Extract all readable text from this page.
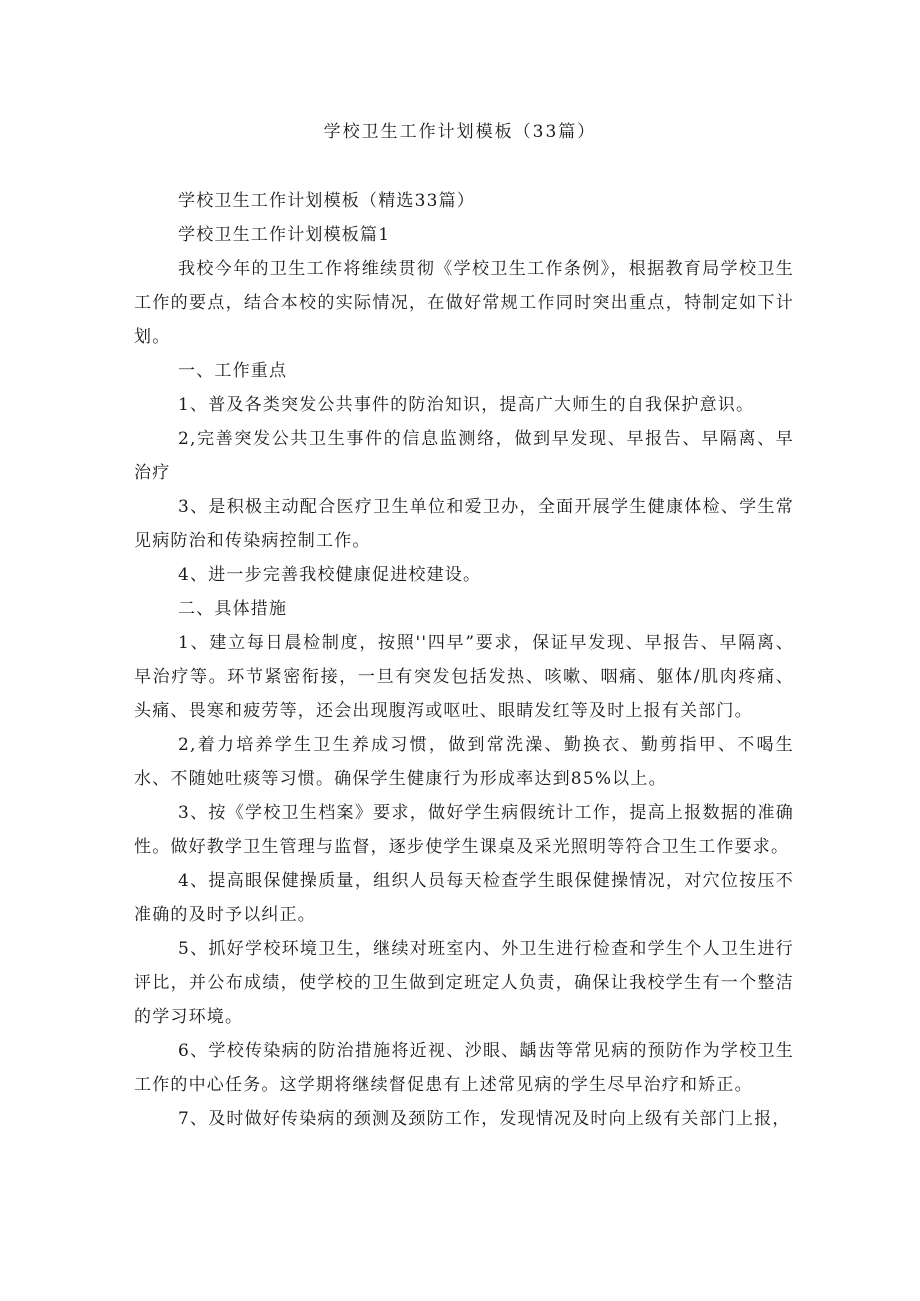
学校卫生工作计划模板（33篇）

学校卫生工作计划模板（精选33篇）

学校卫生工作计划模板篇1

我校今年的卫生工作将维续贯彻《学校卫生工作条例》，根据教育局学校卫生工作的要点，结合本校的实际情况，在做好常规工作同时突出重点，特制定如下计划。

一、工作重点

1、普及各类突发公共事件的防治知识，提高广大师生的自我保护意识。

2,完善突发公共卫生事件的信息监测络，做到早发现、早报告、早隔离、早治疗

3、是积极主动配合医疗卫生单位和爱卫办，全面开展学生健康体检、学生常见病防治和传染病控制工作。

4、进一步完善我校健康促进校建设。

二、具体措施

1、建立每日晨检制度，按照''四早”要求，保证早发现、早报告、早隔离、早治疗等。环节紧密衔接，一旦有突发包括发热、咳嗽、咽痛、躯体/肌肉疼痛、头痛、畏寒和疲劳等，还会出现腹泻或呕吐、眼睛发红等及时上报有关部门。

2,着力培养学生卫生养成习惯，做到常洗澡、勤换衣、勤剪指甲、不喝生水、不随她吐痰等习惯。确保学生健康行为形成率达到85%以上。

3、按《学校卫生档案》要求，做好学生病假统计工作，提高上报数据的准确性。做好教学卫生管理与监督，逐步使学生课桌及采光照明等符合卫生工作要求。

4、提高眼保健操质量，组织人员每天检查学生眼保健操情况，对穴位按压不准确的及时予以纠正。

5、抓好学校环境卫生，继续对班室内、外卫生进行检查和学生个人卫生进行评比，并公布成绩，使学校的卫生做到定班定人负责，确保让我校学生有一个整洁的学习环境。

6、学校传染病的防治措施将近视、沙眼、龋齿等常见病的预防作为学校卫生工作的中心任务。这学期将继续督促患有上述常见病的学生尽早治疗和矫正。

7、及时做好传染病的颈测及颈防工作，发现情况及时向上级有关部门上报，
